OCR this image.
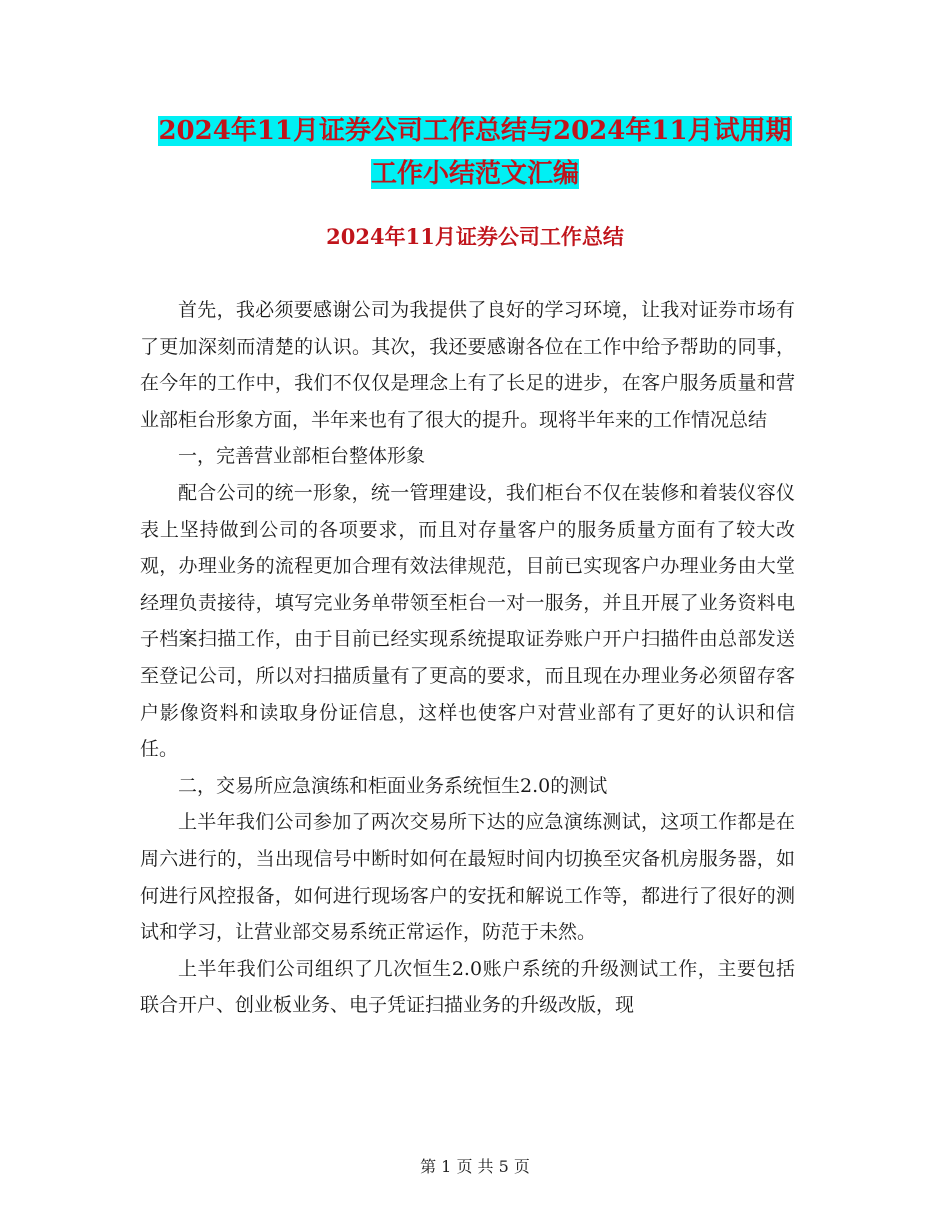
2024年11月证券公司工作总结与2024年11月试用期
工作小结范文汇编
2024年11月证券公司工作总结

首先，我必须要感谢公司为我提供了良好的学习环境，让我对证券市场有了更加深刻而清楚的认识。其次，我还要感谢各位在工作中给予帮助的同事，在今年的工作中，我们不仅仅是理念上有了长足的进步，在客户服务质量和营业部柜台形象方面，半年来也有了很大的提升。现将半年来的工作情况总结

一，完善营业部柜台整体形象

配合公司的统一形象，统一管理建设，我们柜台不仅在装修和着装仪容仪表上坚持做到公司的各项要求，而且对存量客户的服务质量方面有了较大改观，办理业务的流程更加合理有效法律规范，目前已实现客户办理业务由大堂经理负责接待，填写完业务单带领至柜台一对一服务，并且开展了业务资料电子档案扫描工作，由于目前已经实现系统提取证券账户开户扫描件由总部发送至登记公司，所以对扫描质量有了更高的要求，而且现在办理业务必须留存客户影像资料和读取身份证信息，这样也使客户对营业部有了更好的认识和信任。

二，交易所应急演练和柜面业务系统恒生2.0的测试

上半年我们公司参加了两次交易所下达的应急演练测试，这项工作都是在周六进行的，当出现信号中断时如何在最短时间内切换至灾备机房服务器，如何进行风控报备，如何进行现场客户的安抚和解说工作等，都进行了很好的测试和学习，让营业部交易系统正常运作，防范于未然。

上半年我们公司组织了几次恒生2.0账户系统的升级测试工作，主要包括联合开户、创业板业务、电子凭证扫描业务的升级改版，现

第 1 页 共 5 页
